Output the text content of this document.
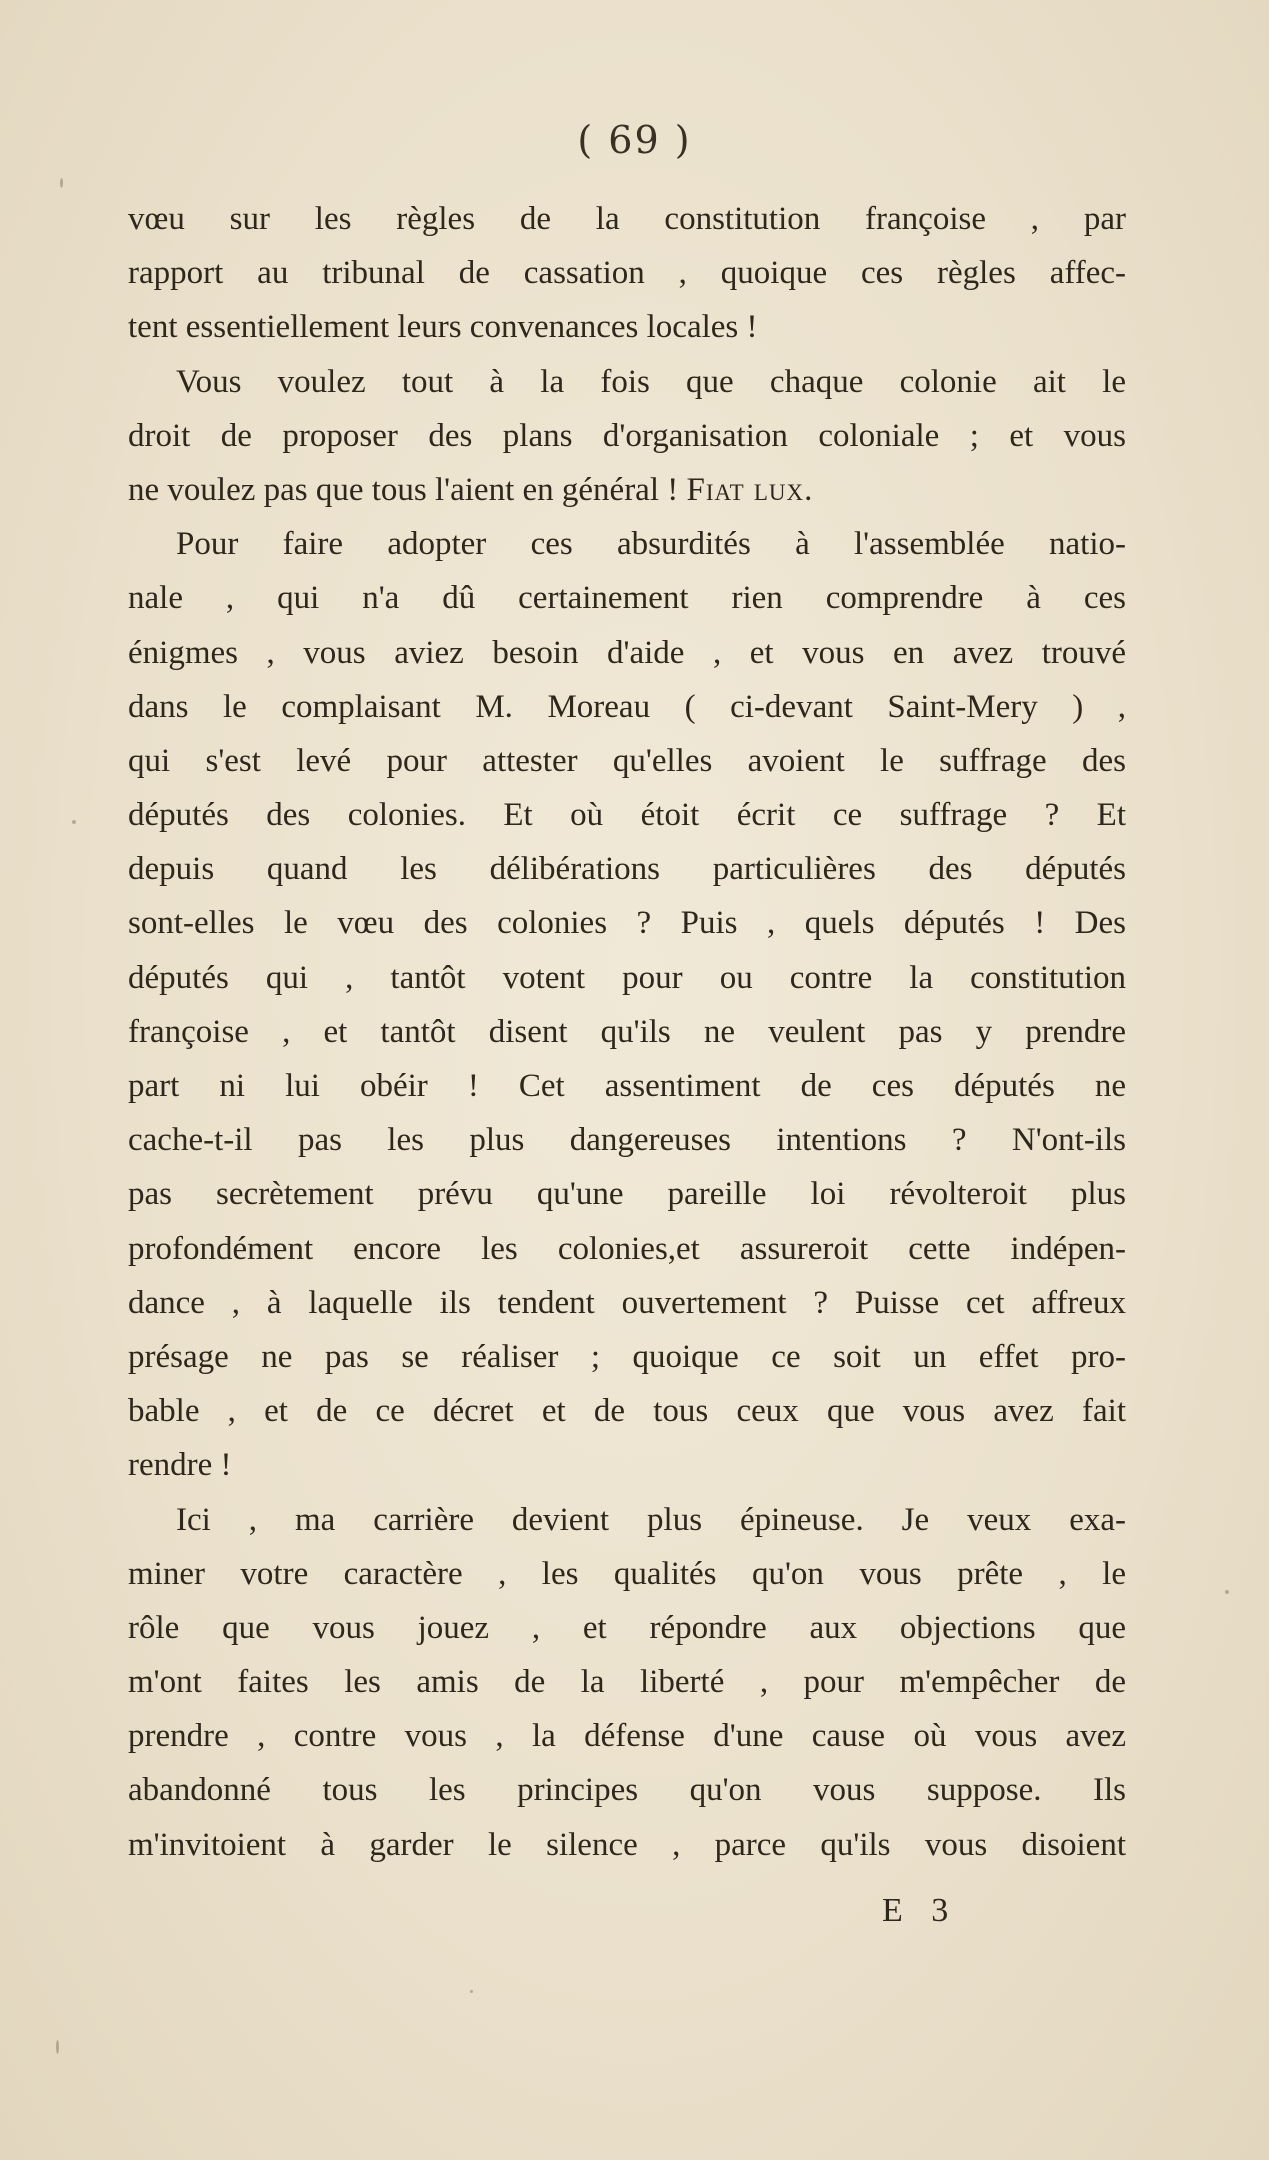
( 69 )
vœu sur les règles de la constitution françoise , par
rapport au tribunal de cassation , quoique ces règles affec-
tent essentiellement leurs convenances locales !
Vous voulez tout à la fois que chaque colonie ait le
droit de proposer des plans d'organisation coloniale ; et vous
ne voulez pas que tous l'aient en général ! Fiat lux.
Pour faire adopter ces absurdités à l'assemblée natio-
nale , qui n'a dû certainement rien comprendre à ces
énigmes , vous aviez besoin d'aide , et vous en avez trouvé
dans le complaisant M. Moreau ( ci-devant Saint-Mery ) ,
qui s'est levé pour attester qu'elles avoient le suffrage des
députés des colonies. Et où étoit écrit ce suffrage ? Et
depuis quand les délibérations particulières des députés
sont-elles le vœu des colonies ? Puis , quels députés ! Des
députés qui , tantôt votent pour ou contre la constitution
françoise , et tantôt disent qu'ils ne veulent pas y prendre
part ni lui obéir ! Cet assentiment de ces députés ne
cache-t-il pas les plus dangereuses intentions ? N'ont-ils
pas secrètement prévu qu'une pareille loi révolteroit plus
profondément encore les colonies,et assureroit cette indépen-
dance , à laquelle ils tendent ouvertement ? Puisse cet affreux
présage ne pas se réaliser ; quoique ce soit un effet pro-
bable , et de ce décret et de tous ceux que vous avez fait
rendre !
Ici , ma carrière devient plus épineuse. Je veux exa-
miner votre caractère , les qualités qu'on vous prête , le
rôle que vous jouez , et répondre aux objections que
m'ont faites les amis de la liberté , pour m'empêcher de
prendre , contre vous , la défense d'une cause où vous avez
abandonné tous les principes qu'on vous suppose. Ils
m'invitoient à garder le silence , parce qu'ils vous disoient
E 3
